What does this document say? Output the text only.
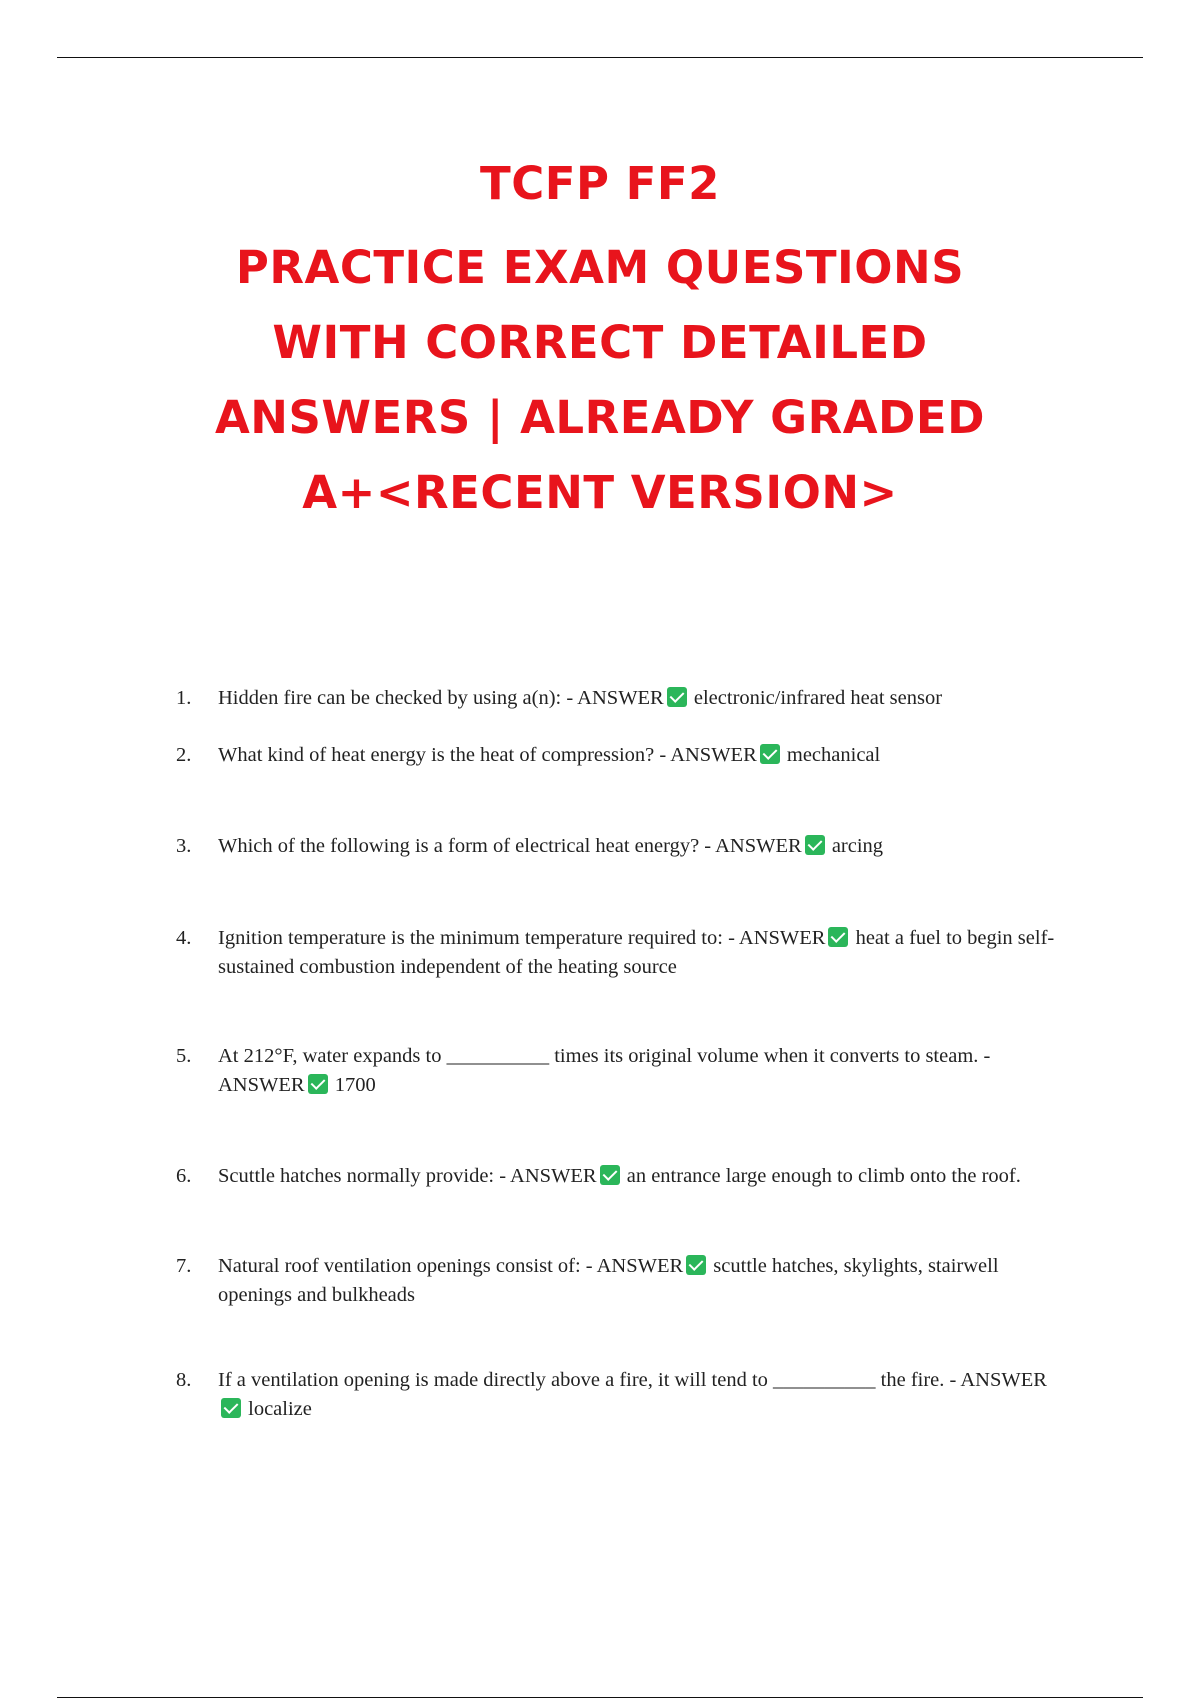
TCFP FF2
PRACTICE EXAM QUESTIONS
WITH CORRECT DETAILED
ANSWERS | ALREADY GRADED
A+<RECENT VERSION>
1. Hidden fire can be checked by using a(n): - ANSWER electronic/infrared heat sensor
2. What kind of heat energy is the heat of compression? - ANSWER mechanical
3. Which of the following is a form of electrical heat energy? - ANSWER arcing
4. Ignition temperature is the minimum temperature required to: - ANSWER heat a fuel to begin self-sustained combustion independent of the heating source
5. At 212°F, water expands to __________ times its original volume when it converts to steam. - ANSWER 1700
6. Scuttle hatches normally provide: - ANSWER an entrance large enough to climb onto the roof.
7. Natural roof ventilation openings consist of: - ANSWER scuttle hatches, skylights, stairwell openings and bulkheads
8. If a ventilation opening is made directly above a fire, it will tend to __________ the fire. - ANSWER localize
